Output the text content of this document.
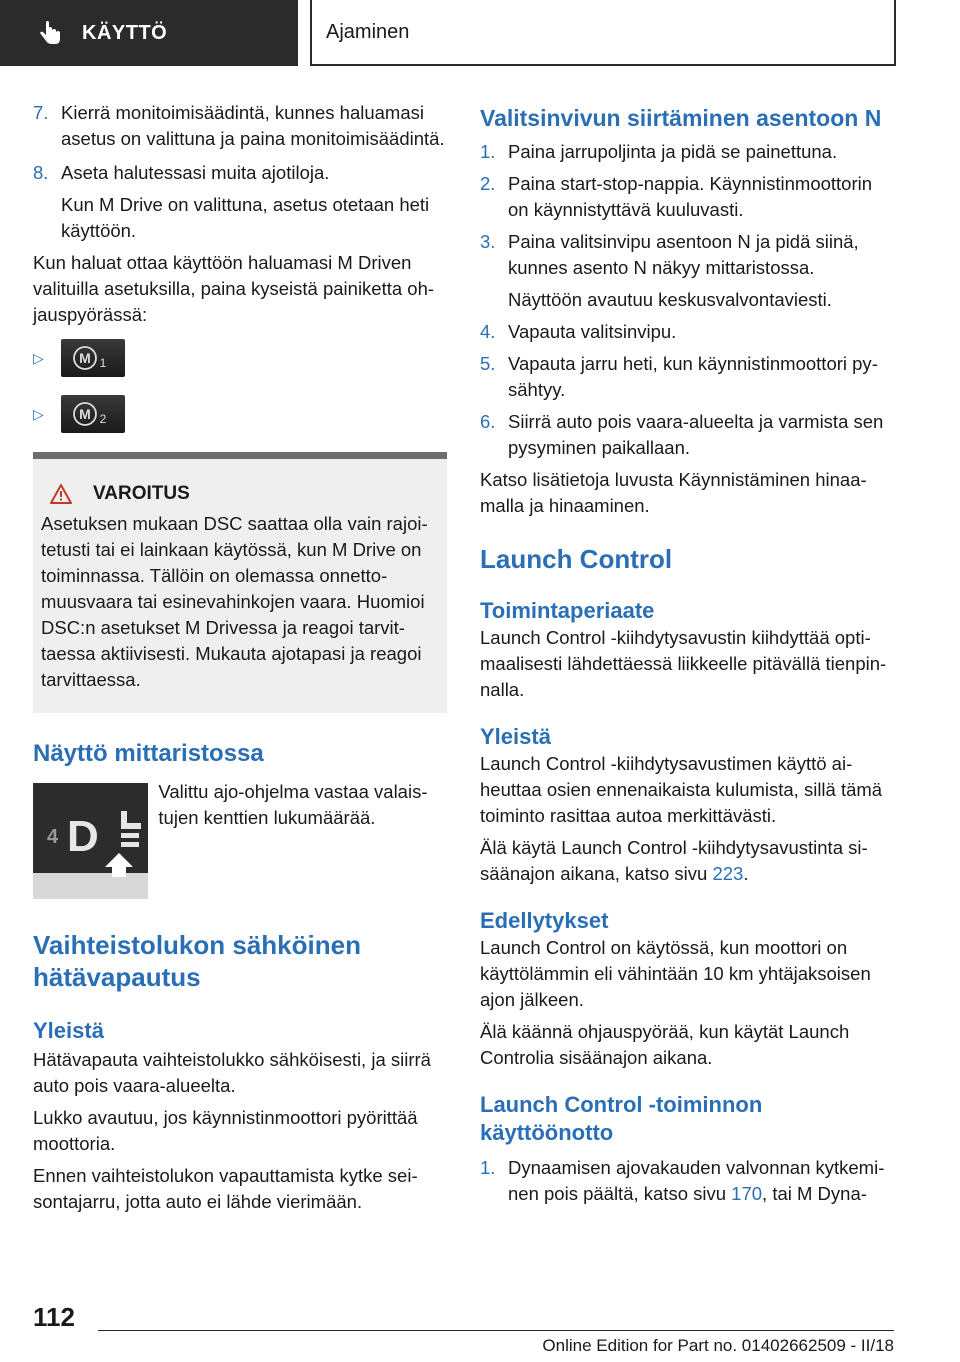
KÄYTTÖ	Ajaminen
7. Kierrä monitoimisäädintä, kunnes haluamasi asetus on valittuna ja paina monitoimisäädintä.

8. Aseta halutessasi muita ajotiloja.

Kun M Drive on valittuna, asetus otetaan heti käyttöön.

Kun haluat ottaa käyttöön haluamasi M Driven valituilla asetuksilla, paina kyseistä painiketta ohjauspyörässä:

▷	M 1
▷	M 2
VAROITUS

Asetuksen mukaan DSC saattaa olla vain rajoitetusti tai ei lainkaan käytössä, kun M Drive on toiminnassa. Tällöin on olemassa onnettomuusvaara tai esinevahinkojen vaara. Huomioi DSC:n asetukset M Drivessa ja reagoi tarvittaessa aktiivisesti. Mukauta ajotapasi ja reagoi tarvittaessa.

Näyttö mittaristossa
4 D

Valittu ajo-ohjelma vastaa valaistujen kenttien lukumäärää.

Vaihteistolukon sähköinen hätävapautus
Yleistä

Hätävapauta vaihteistolukko sähköisesti, ja siirrä auto pois vaara-alueelta.

Lukko avautuu, jos käynnistinmoottori pyörittää moottoria.

Ennen vaihteistolukon vapauttamista kytke seisontajarru, jotta auto ei lähde vierimään.

Valitsinvivun siirtäminen asentoon N
1. Paina jarrupoljinta ja pidä se painettuna.

2. Paina start-stop-nappia. Käynnistinmoottorin on käynnistyttävä kuuluvasti.

3. Paina valitsinvipu asentoon N ja pidä siinä, kunnes asento N näkyy mittaristossa.

Näyttöön avautuu keskusvalvontaviesti.

4. Vapauta valitsinvipu.

5. Vapauta jarru heti, kun käynnistinmoottori pysähtyy.

6. Siirrä auto pois vaara-alueelta ja varmista sen pysyminen paikallaan.

Katso lisätietoja luvusta Käynnistäminen hinaamalla ja hinaaminen.

Launch Control
Toimintaperiaate

Launch Control -kiihdytysavustin kiihdyttää optimaalisesti lähdettäessä liikkeelle pitävällä tienpinnalla.

Yleistä

Launch Control -kiihdytysavustimen käyttö aiheuttaa osien ennenaikaista kulumista, sillä tämä toiminto rasittaa autoa merkittävästi.

Älä käytä Launch Control -kiihdytysavustinta sisäänajon aikana, katso sivu 223.

Edellytykset

Launch Control on käytössä, kun moottori on käyttölämmin eli vähintään 10 km yhtäjaksoisen ajon jälkeen.

Älä käännä ohjauspyörää, kun käytät Launch Controlia sisäänajon aikana.

Launch Control -toiminnon käyttöönotto
1. Dynaamisen ajovakauden valvonnan kytkeminen pois päältä, katso sivu 170, tai M Dyna-

112
Online Edition for Part no. 01402662509 - II/18
